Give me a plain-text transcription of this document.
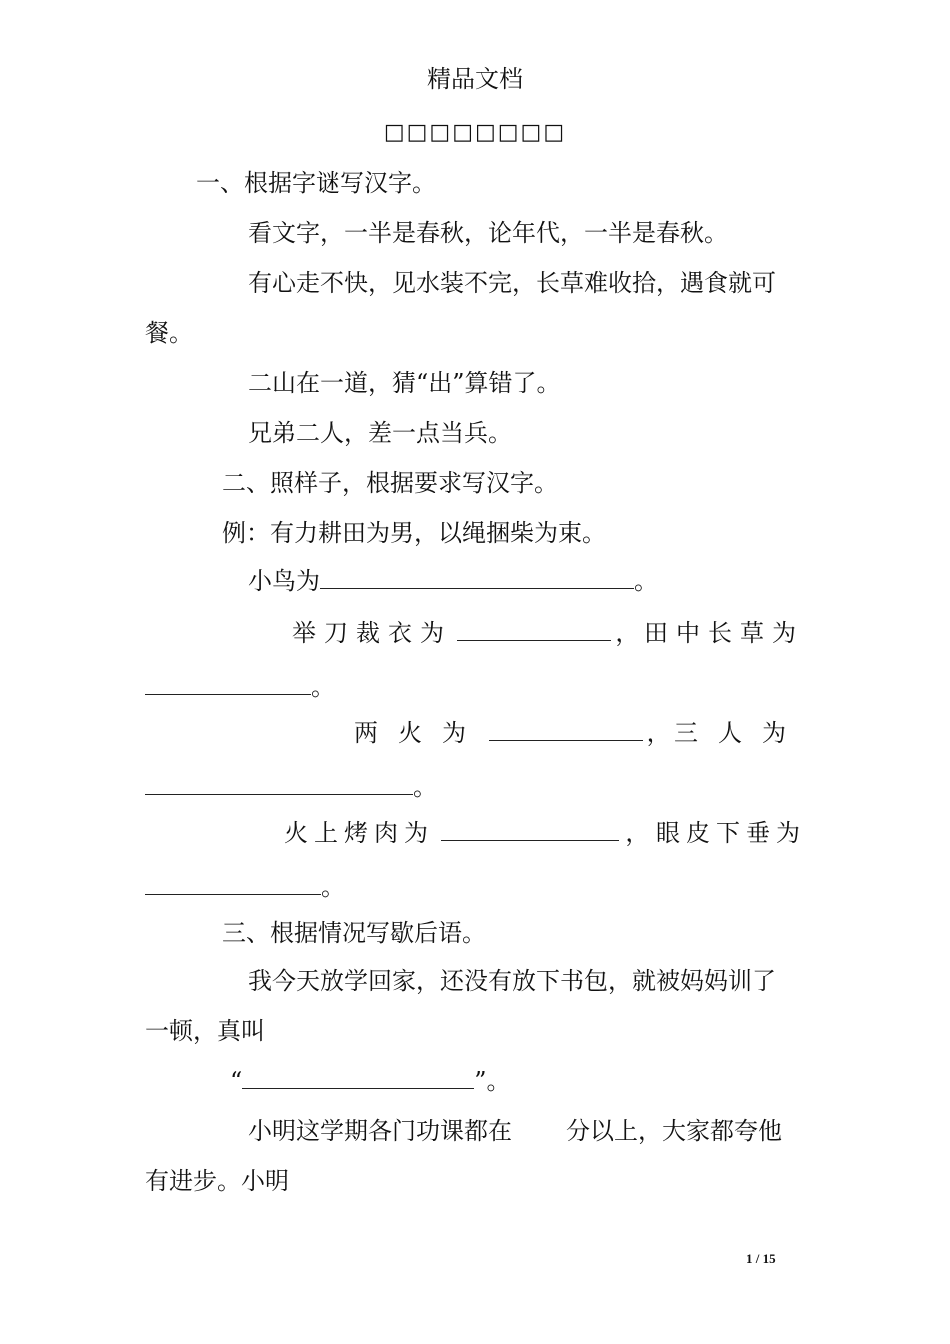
精品文档
□□□□□□□□
一、根据字谜写汉字。
看文字，一半是春秋，论年代，一半是春秋。
有心走不快，见水装不完，长草难收拾，遇食就可
餐。
二山在一道，猜“出”算错了。
兄弟二人，差一点当兵。
二、照样子，根据要求写汉字。
例：有力耕田为男，以绳捆柴为束。
小鸟为	。
举刀裁衣为	， 田中长草为
。
两火为	， 三人为
。
火上烤肉为	， 眼皮下垂为
。
三、根据情况写歇后语。
我今天放学回家，还没有放下书包，就被妈妈训了
一顿，真叫
“	”。
小明这学期各门功课都在 分以上，大家都夸他
有进步。小明
1 / 15
